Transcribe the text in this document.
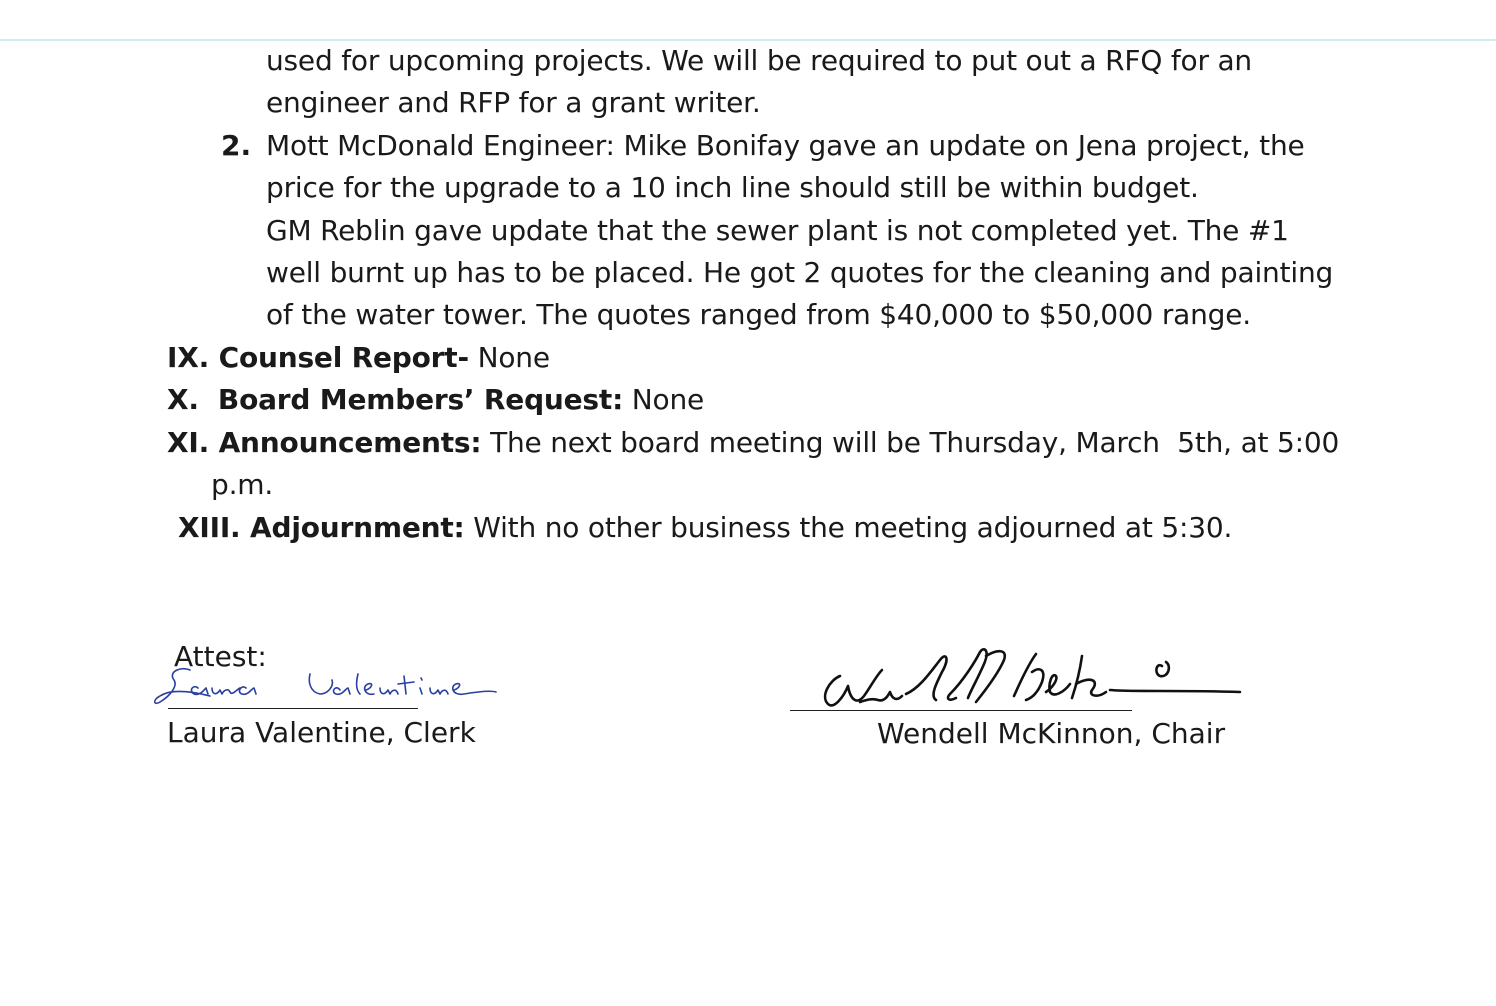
used for upcoming projects. We will be required to put out a RFQ for an
engineer and RFP for a grant writer.
2. Mott McDonald Engineer: Mike Bonifay gave an update on Jena project, the
price for the upgrade to a 10 inch line should still be within budget.
GM Reblin gave update that the sewer plant is not completed yet. The #1
well burnt up has to be placed. He got 2 quotes for the cleaning and painting
of the water tower. The quotes ranged from $40,000 to $50,000 range.
IX. Counsel Report- None
X.  Board Members’ Request: None
XI. Announcements: The next board meeting will be Thursday, March  5th, at 5:00
p.m.
XIII. Adjournment: With no other business the meeting adjourned at 5:30.
Attest:
Laura Valentine, Clerk	Wendell McKinnon, Chair
